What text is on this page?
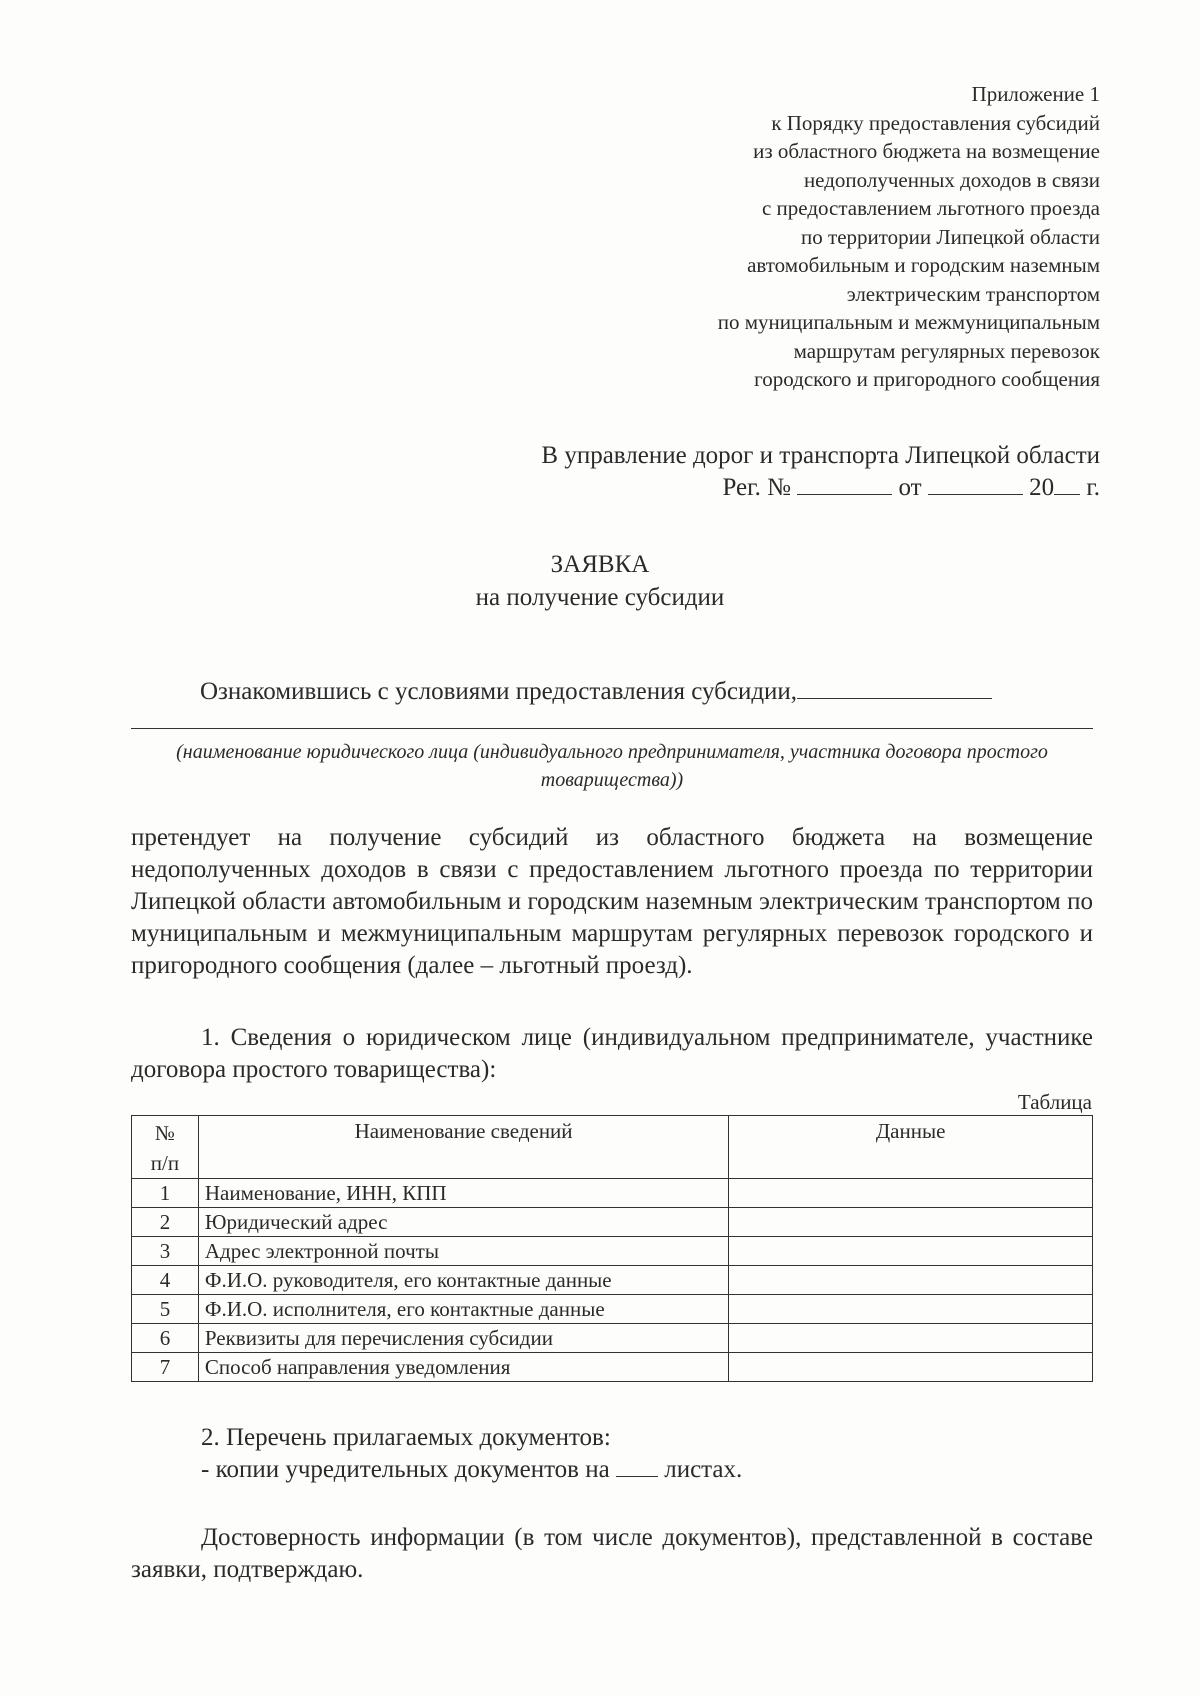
Приложение 1
к Порядку предоставления субсидий
из областного бюджета на возмещение
недополученных доходов в связи
с предоставлением льготного проезда
по территории Липецкой области
автомобильным и городским наземным
электрическим транспортом
по муниципальным и межмуниципальным
маршрутам регулярных перевозок
городского и пригородного сообщения
В управление дорог и транспорта Липецкой области
Рег. №	от	20 г.
ЗАЯВКА
на получение субсидии
Ознакомившись с условиями предоставления субсидии,
(наименование юридического лица (индивидуального предпринимателя, участника договора простого товарищества))
претендует на получение субсидий из областного бюджета на возмещение недополученных доходов в связи с предоставлением льготного проезда по территории Липецкой области автомобильным и городским наземным электрическим транспортом по муниципальным и межмуниципальным маршрутам регулярных перевозок городского и пригородного сообщения (далее – льготный проезд).
1. Сведения о юридическом лице (индивидуальном предпринимателе, участнике договора простого товарищества):
Таблица
№
п/п	Наименование сведений	Данные
1	Наименование, ИНН, КПП	
2	Юридический адрес	
3	Адрес электронной почты	
4	Ф.И.О. руководителя, его контактные данные	
5	Ф.И.О. исполнителя, его контактные данные	
6	Реквизиты для перечисления субсидии	
7	Способ направления уведомления	
2. Перечень прилагаемых документов:
- копии учредительных документов на листах.
Достоверность информации (в том числе документов), представленной в составе заявки, подтверждаю.
